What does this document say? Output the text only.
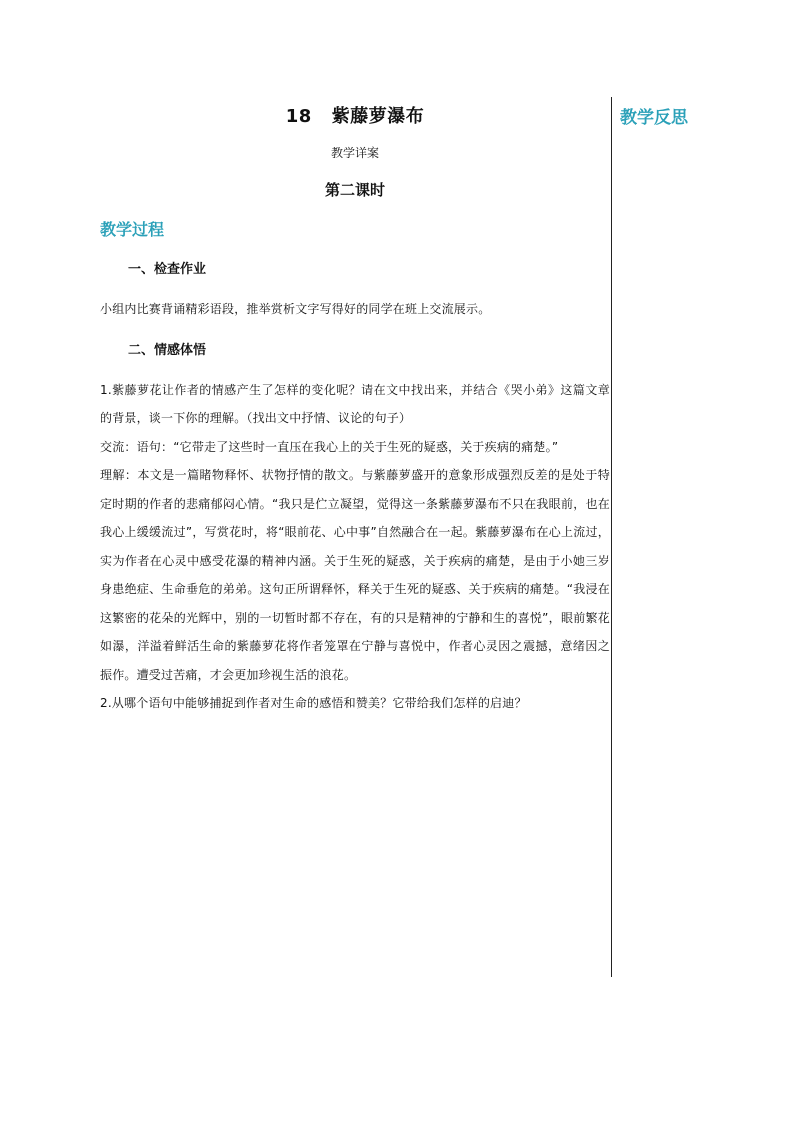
18 紫藤萝瀑布
教学详案
第二课时
教学过程
一、检查作业

小组内比赛背诵精彩语段，推举赏析文字写得好的同学在班上交流展示。

二、情感体悟

1.紫藤萝花让作者的情感产生了怎样的变化呢？请在文中找出来，并结合《哭小弟》这篇文章的背景，谈一下你的理解。（找出文中抒情、议论的句子）

交流：语句：“它带走了这些时一直压在我心上的关于生死的疑惑，关于疾病的痛楚。”

理解：本文是一篇睹物释怀、状物抒情的散文。与紫藤萝盛开的意象形成强烈反差的是处于特定时期的作者的悲痛郁闷心情。“我只是伫立凝望，觉得这一条紫藤萝瀑布不只在我眼前，也在我心上缓缓流过”，写赏花时，将“眼前花、心中事”自然融合在一起。紫藤萝瀑布在心上流过，实为作者在心灵中感受花瀑的精神内涵。关于生死的疑惑，关于疾病的痛楚，是由于小她三岁身患绝症、生命垂危的弟弟。这句正所谓释怀，释关于生死的疑惑、关于疾病的痛楚。“我浸在这繁密的花朵的光辉中，别的一切暂时都不存在，有的只是精神的宁静和生的喜悦”，眼前繁花如瀑，洋溢着鲜活生命的紫藤萝花将作者笼罩在宁静与喜悦中，作者心灵因之震撼，意绪因之振作。遭受过苦痛，才会更加珍视生活的浪花。

2.从哪个语句中能够捕捉到作者对生命的感悟和赞美？它带给我们怎样的启迪？

教学反思
